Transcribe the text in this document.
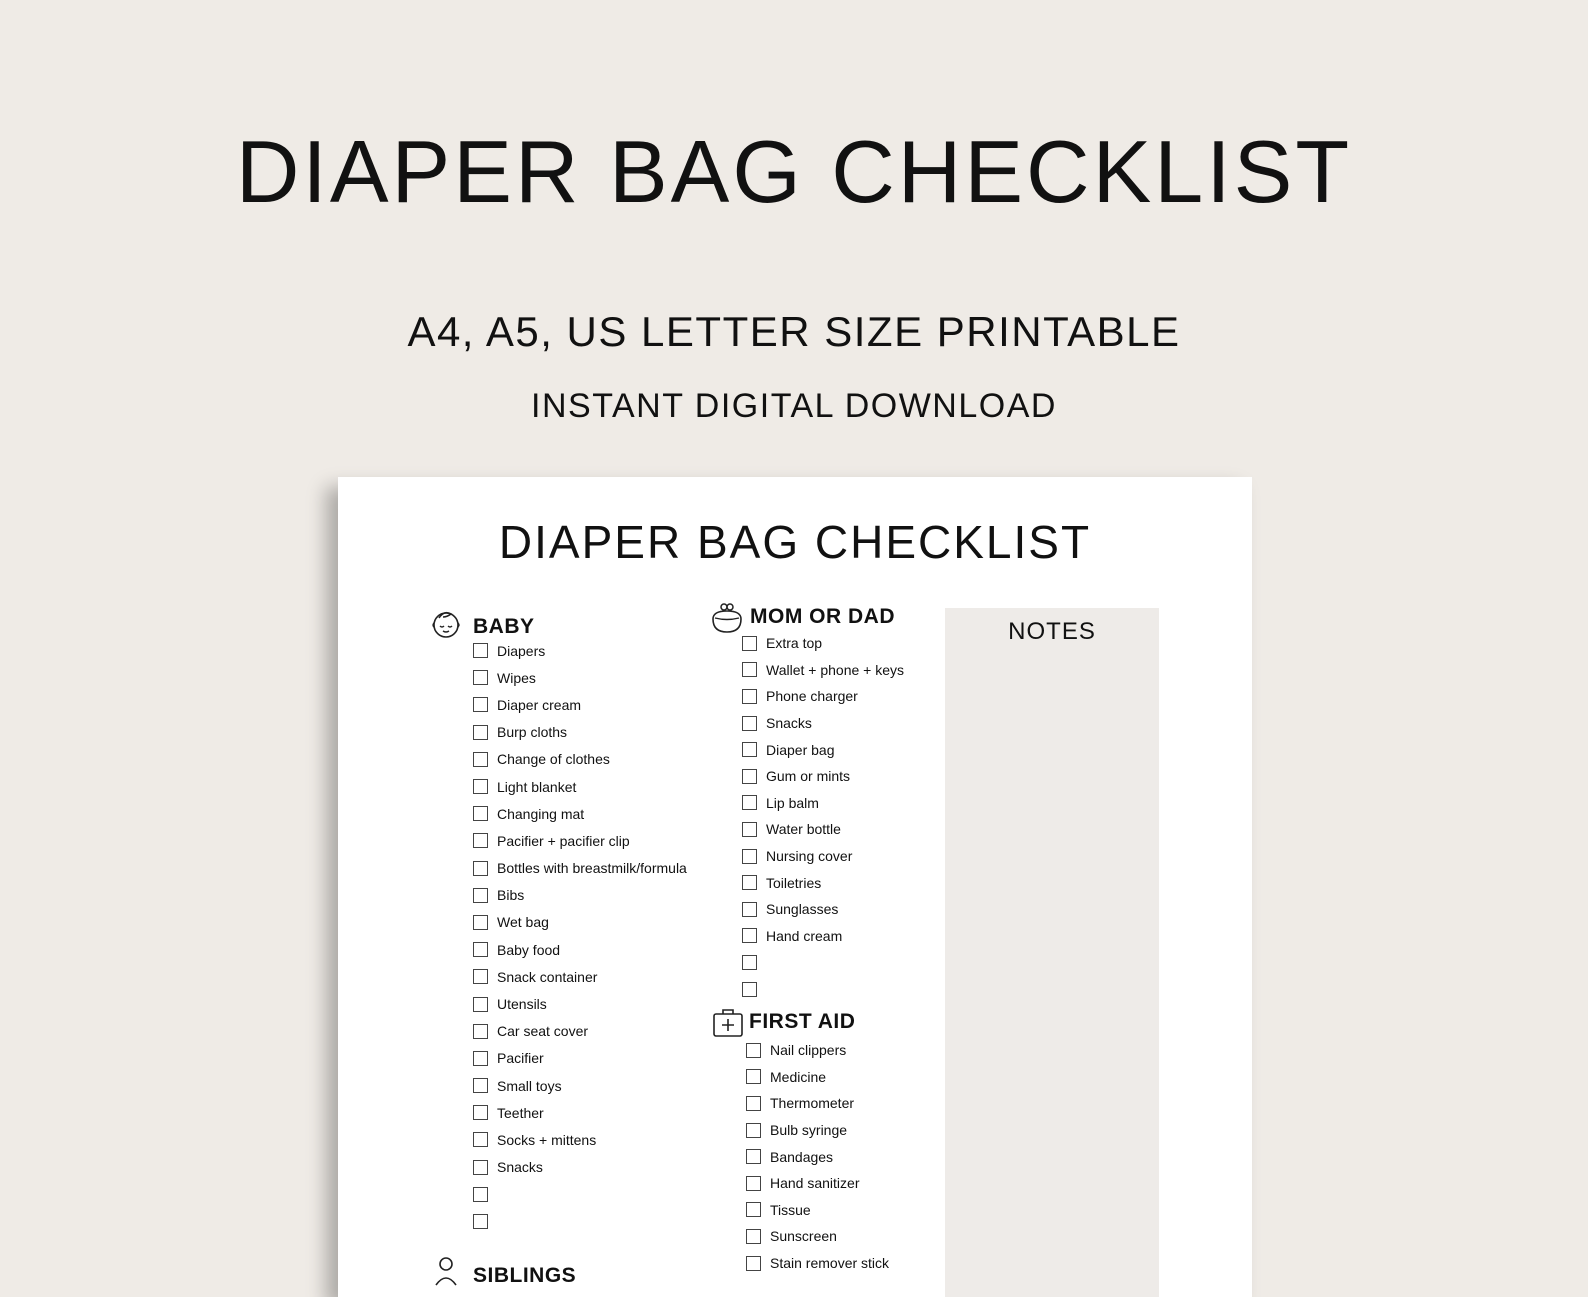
DIAPER BAG CHECKLIST
A4, A5, US LETTER SIZE PRINTABLE
INSTANT DIGITAL DOWNLOAD
DIAPER BAG CHECKLIST
BABY
Diapers
Wipes
Diaper cream
Burp cloths
Change of clothes
Light blanket
Changing mat
Pacifier + pacifier clip
Bottles with breastmilk/formula
Bibs
Wet bag
Baby food
Snack container
Utensils
Car seat cover
Pacifier
Small toys
Teether
Socks + mittens
Snacks
SIBLINGS
MOM OR DAD
Extra top
Wallet + phone + keys
Phone charger
Snacks
Diaper bag
Gum or mints
Lip balm
Water bottle
Nursing cover
Toiletries
Sunglasses
Hand cream
FIRST AID
Nail clippers
Medicine
Thermometer
Bulb syringe
Bandages
Hand sanitizer
Tissue
Sunscreen
Stain remover stick
NOTES
